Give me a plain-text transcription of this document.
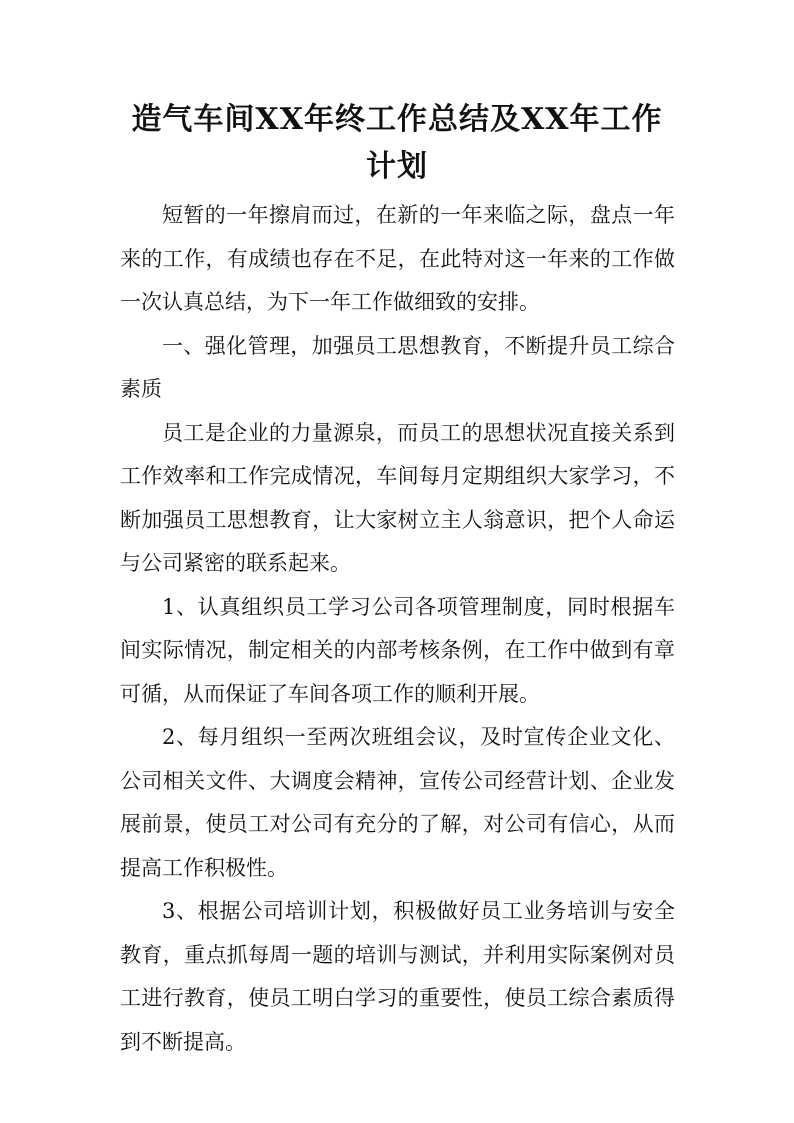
造气车间XX年终工作总结及XX年工作计划

短暂的一年擦肩而过，在新的一年来临之际，盘点一年来的工作，有成绩也存在不足，在此特对这一年来的工作做一次认真总结，为下一年工作做细致的安排。

一、强化管理，加强员工思想教育，不断提升员工综合素质

员工是企业的力量源泉，而员工的思想状况直接关系到工作效率和工作完成情况，车间每月定期组织大家学习，不断加强员工思想教育，让大家树立主人翁意识，把个人命运与公司紧密的联系起来。

1、认真组织员工学习公司各项管理制度，同时根据车间实际情况，制定相关的内部考核条例，在工作中做到有章可循，从而保证了车间各项工作的顺利开展。

2、每月组织一至两次班组会议，及时宣传企业文化、公司相关文件、大调度会精神，宣传公司经营计划、企业发展前景，使员工对公司有充分的了解，对公司有信心，从而提高工作积极性。

3、根据公司培训计划，积极做好员工业务培训与安全教育，重点抓每周一题的培训与测试，并利用实际案例对员工进行教育，使员工明白学习的重要性，使员工综合素质得到不断提高。
